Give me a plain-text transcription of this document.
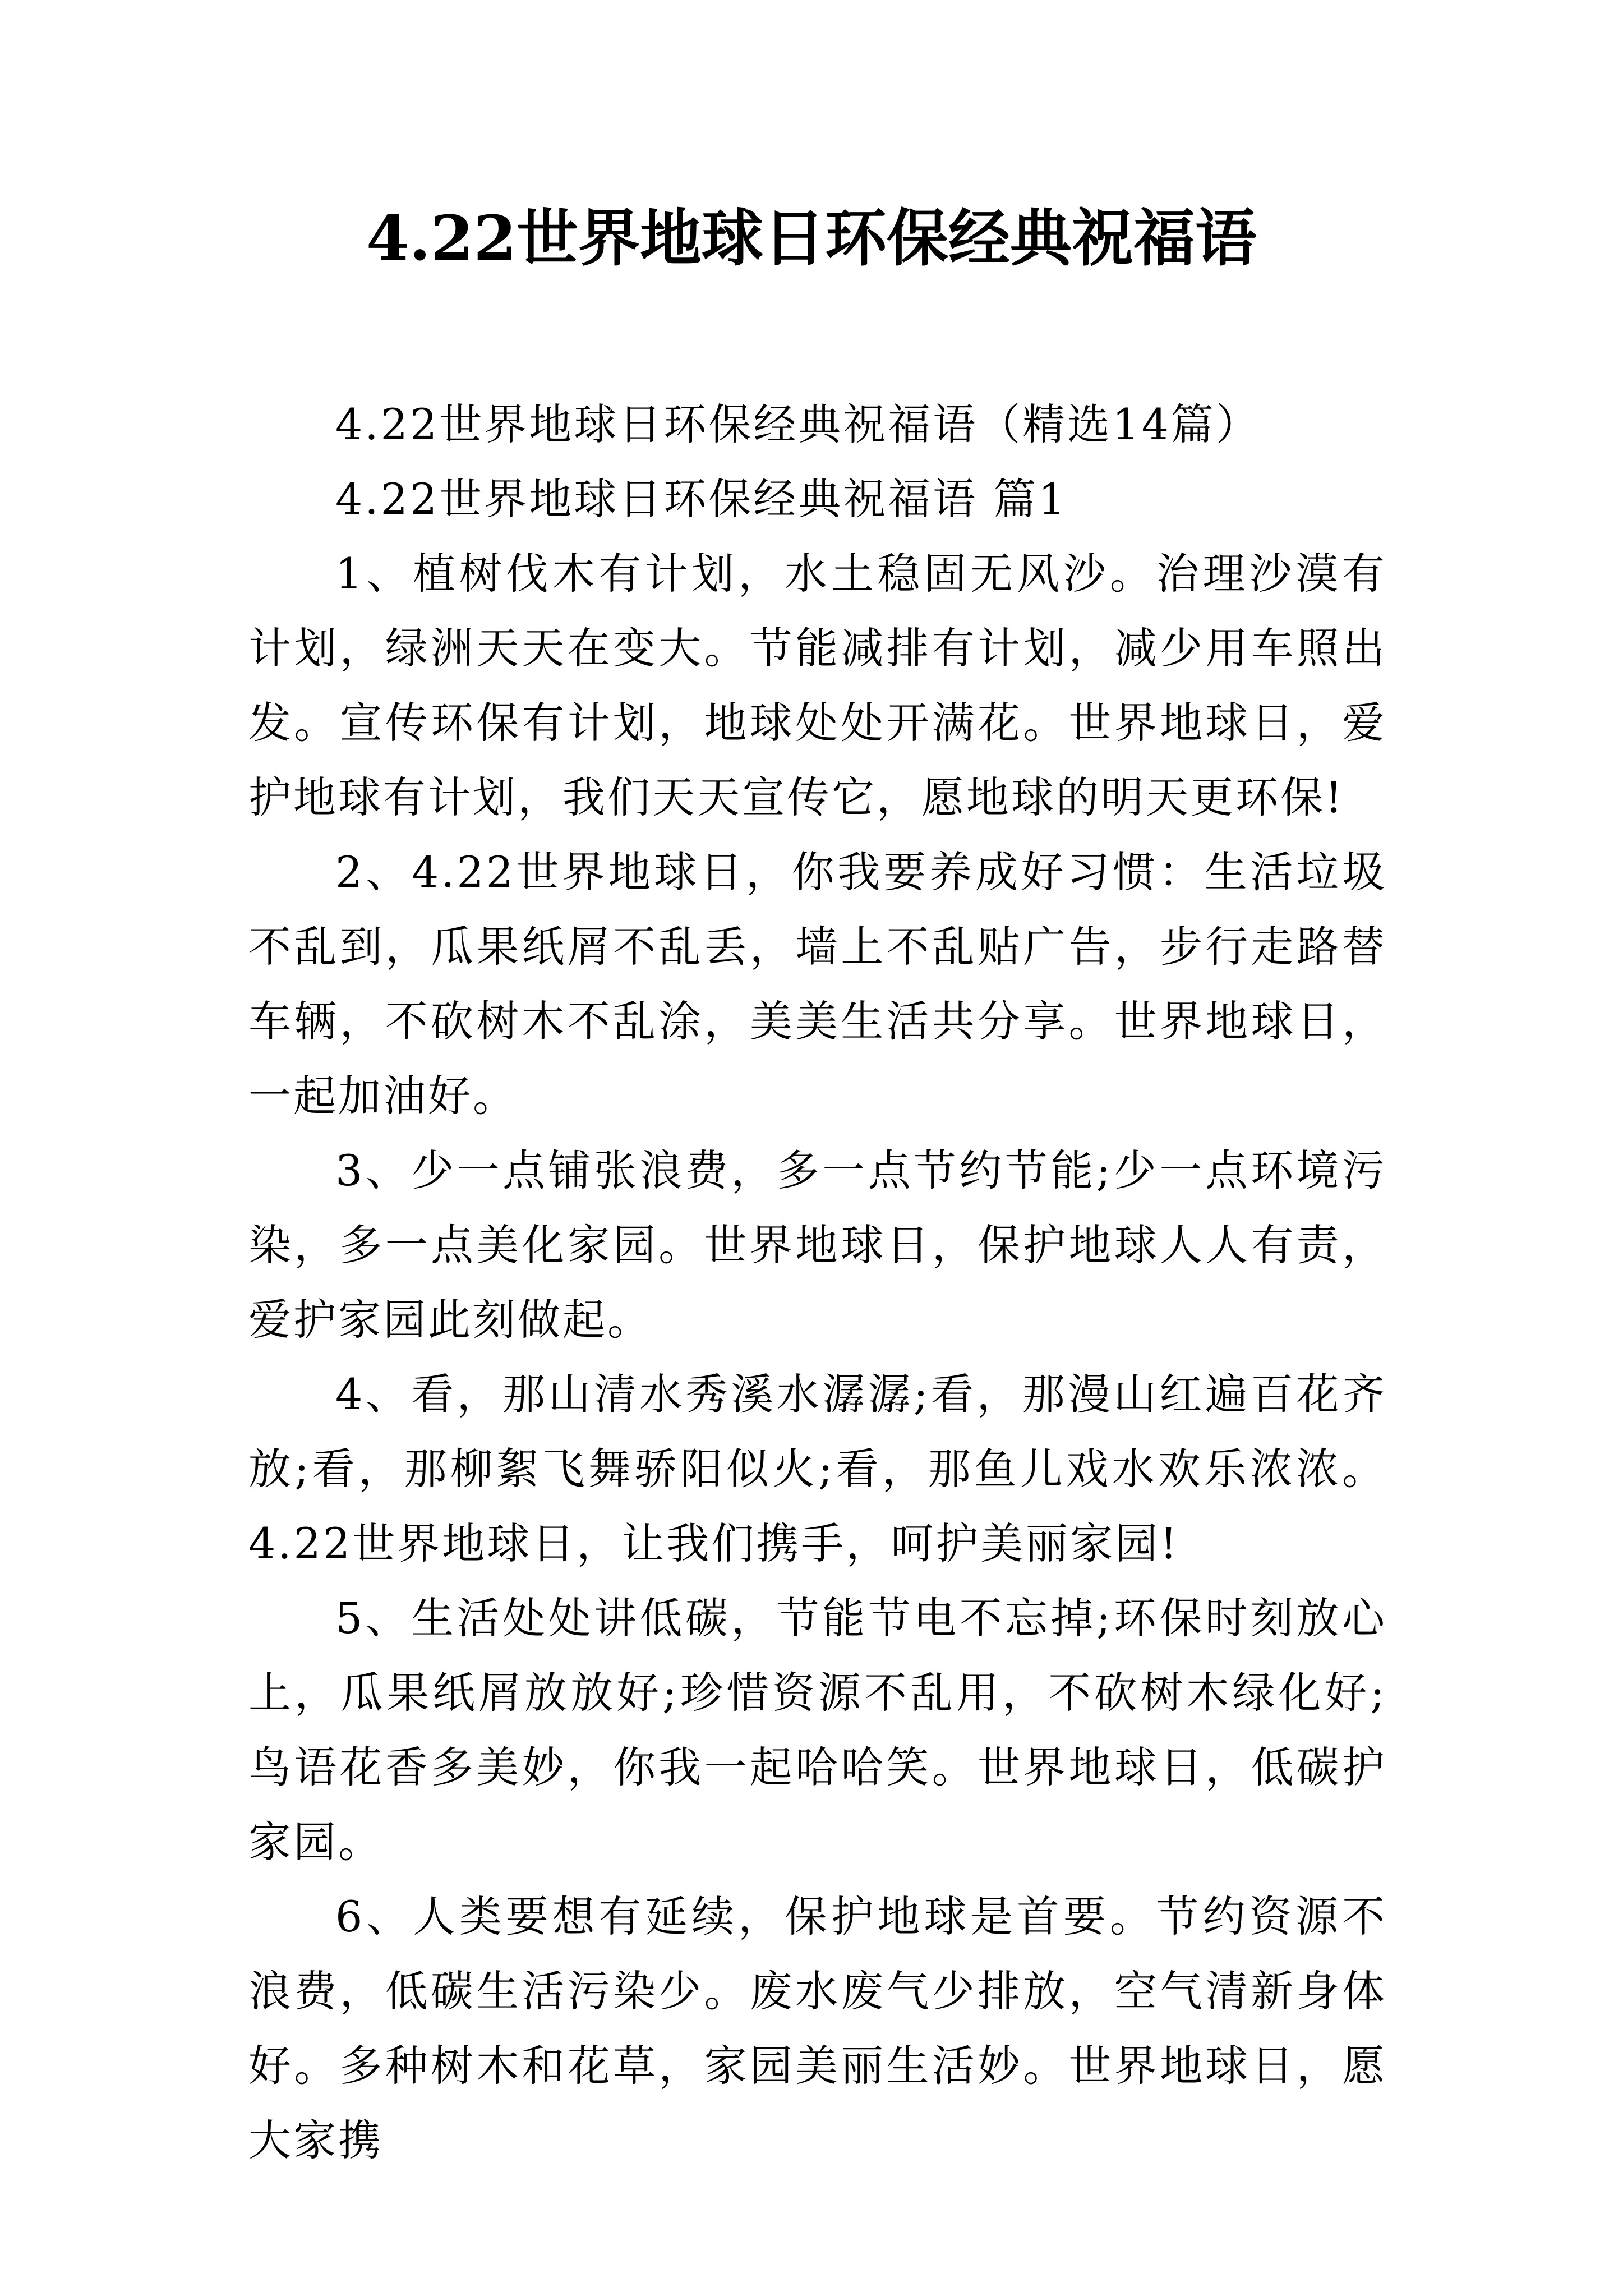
4.22世界地球日环保经典祝福语

4.22世界地球日环保经典祝福语（精选14篇）

4.22世界地球日环保经典祝福语 篇1

1、植树伐木有计划，水土稳固无风沙。治理沙漠有计划，绿洲天天在变大。节能减排有计划，减少用车照出发。宣传环保有计划，地球处处开满花。世界地球日，爱护地球有计划，我们天天宣传它，愿地球的明天更环保!

2、4.22世界地球日，你我要养成好习惯：生活垃圾不乱到，瓜果纸屑不乱丢，墙上不乱贴广告，步行走路替车辆，不砍树木不乱涂，美美生活共分享。世界地球日，一起加油好。

3、少一点铺张浪费，多一点节约节能;少一点环境污染，多一点美化家园。世界地球日，保护地球人人有责，爱护家园此刻做起。

4、看，那山清水秀溪水潺潺;看，那漫山红遍百花齐放;看，那柳絮飞舞骄阳似火;看，那鱼儿戏水欢乐浓浓。4.22世界地球日，让我们携手，呵护美丽家园!

5、生活处处讲低碳，节能节电不忘掉;环保时刻放心上，瓜果纸屑放放好;珍惜资源不乱用，不砍树木绿化好;鸟语花香多美妙，你我一起哈哈笑。世界地球日，低碳护家园。

6、人类要想有延续，保护地球是首要。节约资源不浪费，低碳生活污染少。废水废气少排放，空气清新身体好。多种树木和花草，家园美丽生活妙。世界地球日，愿大家携
